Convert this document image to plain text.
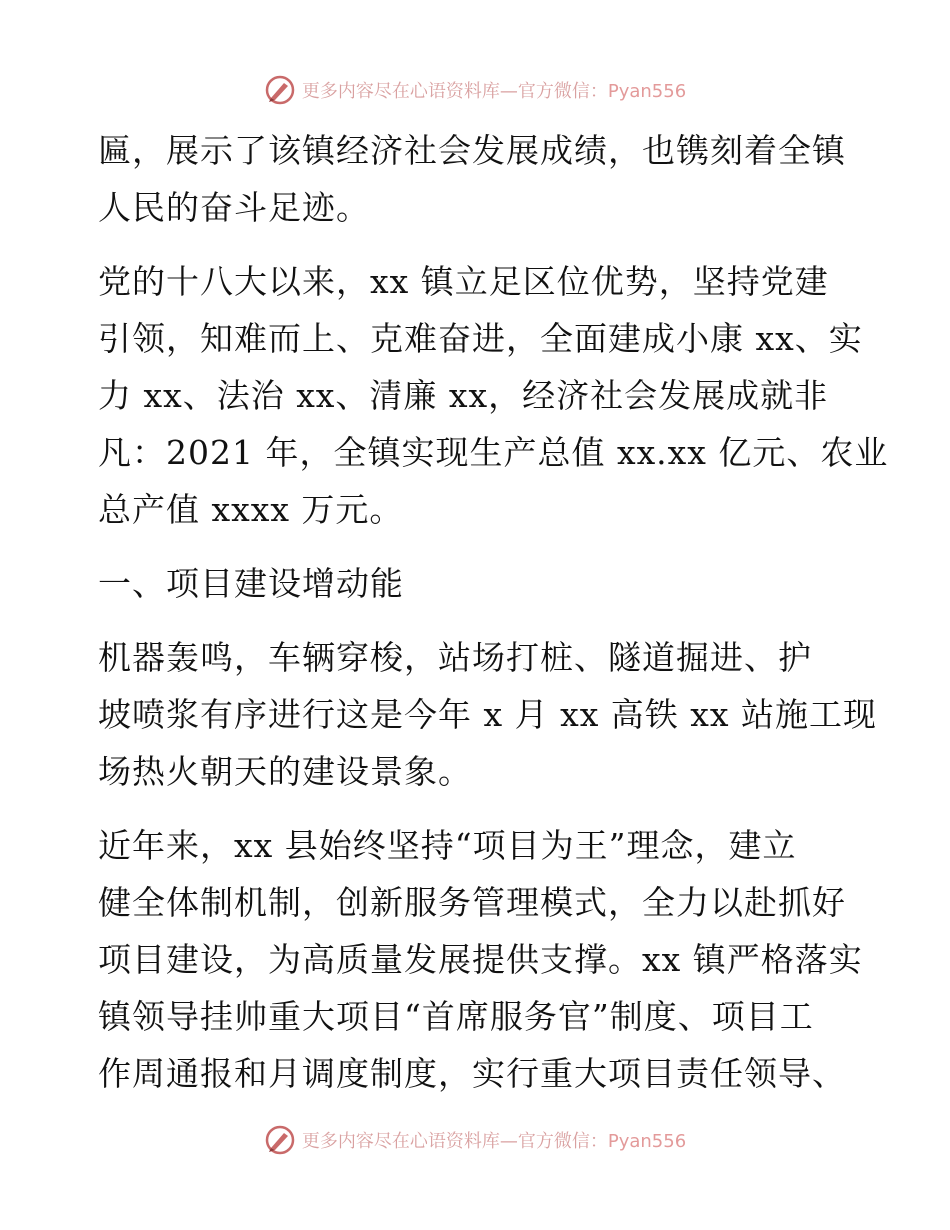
更多内容尽在心语资料库—官方微信：Pyan556

匾，展示了该镇经济社会发展成绩，也镌刻着全镇
人民的奋斗足迹。

党的十八大以来，xx 镇立足区位优势，坚持党建
引领，知难而上、克难奋进，全面建成小康 xx、实
力 xx、法治 xx、清廉 xx，经济社会发展成就非
凡：2021 年，全镇实现生产总值 xx.xx 亿元、农业
总产值 xxxx 万元。

一、项目建设增动能

机器轰鸣，车辆穿梭，站场打桩、隧道掘进、护
坡喷浆有序进行这是今年 x 月 xx 高铁 xx 站施工现
场热火朝天的建设景象。

近年来，xx 县始终坚持“项目为王”理念，建立
健全体制机制，创新服务管理模式，全力以赴抓好
项目建设，为高质量发展提供支撑。xx 镇严格落实
镇领导挂帅重大项目“首席服务官”制度、项目工
作周通报和月调度制度，实行重大项目责任领导、

更多内容尽在心语资料库—官方微信：Pyan556
